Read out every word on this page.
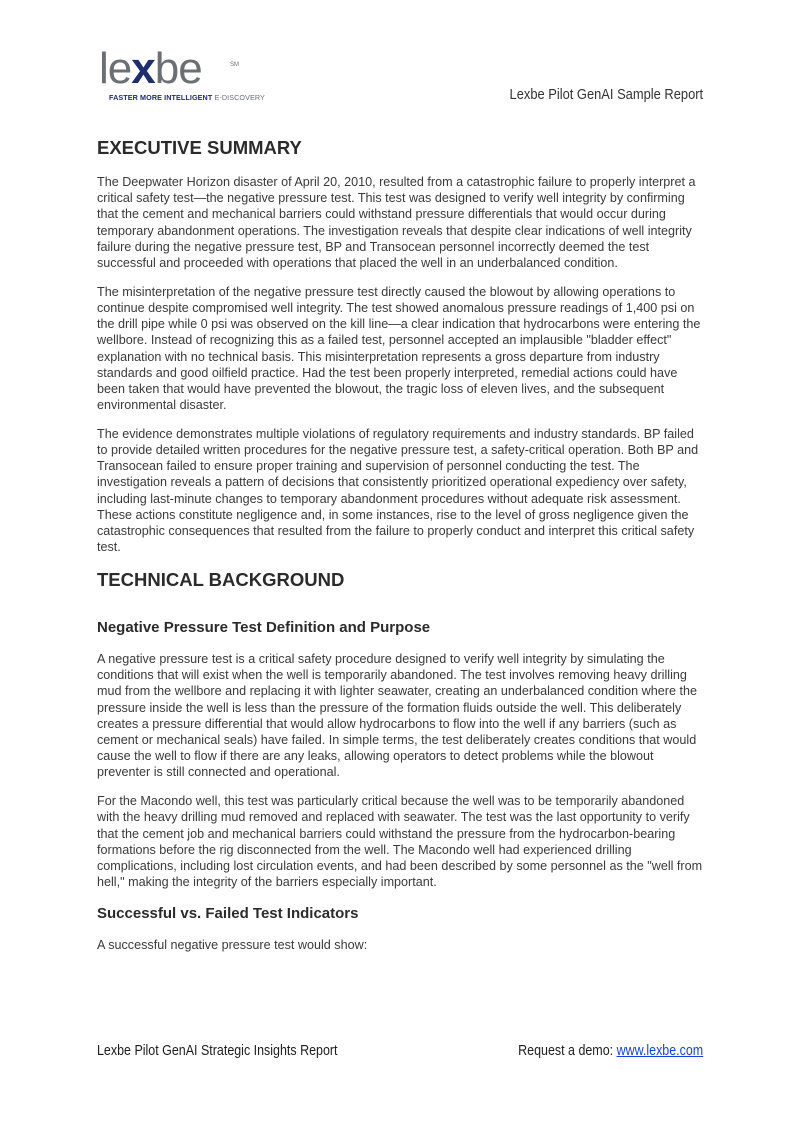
lexbe	SM
FASTER MORE INTELLIGENT E-DISCOVERY	Lexbe Pilot GenAI Sample Report
EXECUTIVE SUMMARY

The Deepwater Horizon disaster of April 20, 2010, resulted from a catastrophic failure to properly interpret a critical safety test—the negative pressure test. This test was designed to verify well integrity by confirming that the cement and mechanical barriers could withstand pressure differentials that would occur during temporary abandonment operations. The investigation reveals that despite clear indications of well integrity failure during the negative pressure test, BP and Transocean personnel incorrectly deemed the test successful and proceeded with operations that placed the well in an underbalanced condition.

The misinterpretation of the negative pressure test directly caused the blowout by allowing operations to continue despite compromised well integrity. The test showed anomalous pressure readings of 1,400 psi on the drill pipe while 0 psi was observed on the kill line—a clear indication that hydrocarbons were entering the wellbore. Instead of recognizing this as a failed test, personnel accepted an implausible "bladder effect" explanation with no technical basis. This misinterpretation represents a gross departure from industry standards and good oilfield practice. Had the test been properly interpreted, remedial actions could have been taken that would have prevented the blowout, the tragic loss of eleven lives, and the subsequent environmental disaster.

The evidence demonstrates multiple violations of regulatory requirements and industry standards. BP failed to provide detailed written procedures for the negative pressure test, a safety-critical operation. Both BP and Transocean failed to ensure proper training and supervision of personnel conducting the test. The investigation reveals a pattern of decisions that consistently prioritized operational expediency over safety, including last-minute changes to temporary abandonment procedures without adequate risk assessment. These actions constitute negligence and, in some instances, rise to the level of gross negligence given the catastrophic consequences that resulted from the failure to properly conduct and interpret this critical safety test.

TECHNICAL BACKGROUND
Negative Pressure Test Definition and Purpose

A negative pressure test is a critical safety procedure designed to verify well integrity by simulating the conditions that will exist when the well is temporarily abandoned. The test involves removing heavy drilling mud from the wellbore and replacing it with lighter seawater, creating an underbalanced condition where the pressure inside the well is less than the pressure of the formation fluids outside the well. This deliberately creates a pressure differential that would allow hydrocarbons to flow into the well if any barriers (such as cement or mechanical seals) have failed. In simple terms, the test deliberately creates conditions that would cause the well to flow if there are any leaks, allowing operators to detect problems while the blowout preventer is still connected and operational.

For the Macondo well, this test was particularly critical because the well was to be temporarily abandoned with the heavy drilling mud removed and replaced with seawater. The test was the last opportunity to verify that the cement job and mechanical barriers could withstand the pressure from the hydrocarbon-bearing formations before the rig disconnected from the well. The Macondo well had experienced drilling complications, including lost circulation events, and had been described by some personnel as the "well from hell," making the integrity of the barriers especially important.

Successful vs. Failed Test Indicators

A successful negative pressure test would show:

Lexbe Pilot GenAI Strategic Insights Report	Request a demo: www.lexbe.com
